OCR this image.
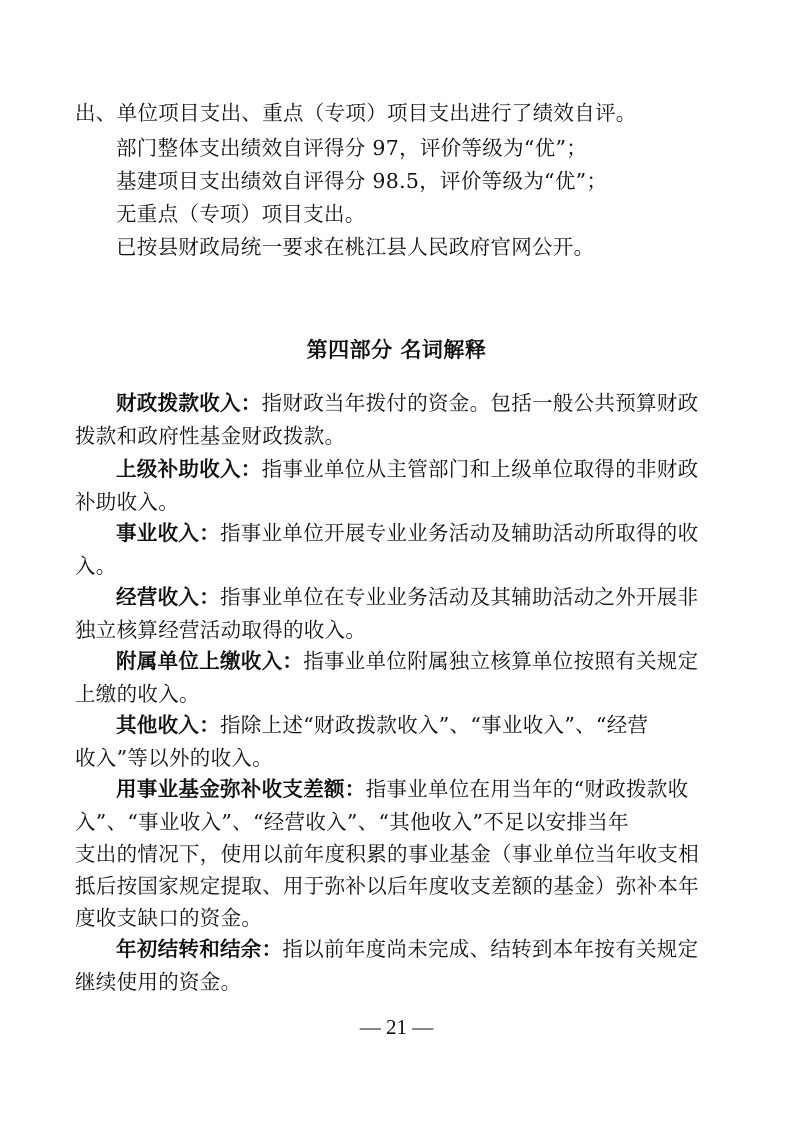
出、单位项目支出、重点（专项）项目支出进行了绩效自评。
部门整体支出绩效自评得分 97，评价等级为“优”；
基建项目支出绩效自评得分 98.5，评价等级为“优”；
无重点（专项）项目支出。
已按县财政局统一要求在桃江县人民政府官网公开。
第四部分 名词解释
财政拨款收入：指财政当年拨付的资金。包括一般公共预算财政
拨款和政府性基金财政拨款。
上级补助收入：指事业单位从主管部门和上级单位取得的非财政
补助收入。
事业收入：指事业单位开展专业业务活动及辅助活动所取得的收
入。
经营收入：指事业单位在专业业务活动及其辅助活动之外开展非
独立核算经营活动取得的收入。
附属单位上缴收入：指事业单位附属独立核算单位按照有关规定
上缴的收入。
其他收入：指除上述“财政拨款收入”、“事业收入”、“经营
收入”等以外的收入。
用事业基金弥补收支差额：指事业单位在用当年的“财政拨款收
入”、“事业收入”、“经营收入”、“其他收入”不足以安排当年
支出的情况下，使用以前年度积累的事业基金（事业单位当年收支相
抵后按国家规定提取、用于弥补以后年度收支差额的基金）弥补本年
度收支缺口的资金。
年初结转和结余：指以前年度尚未完成、结转到本年按有关规定
继续使用的资金。
— 21 —
